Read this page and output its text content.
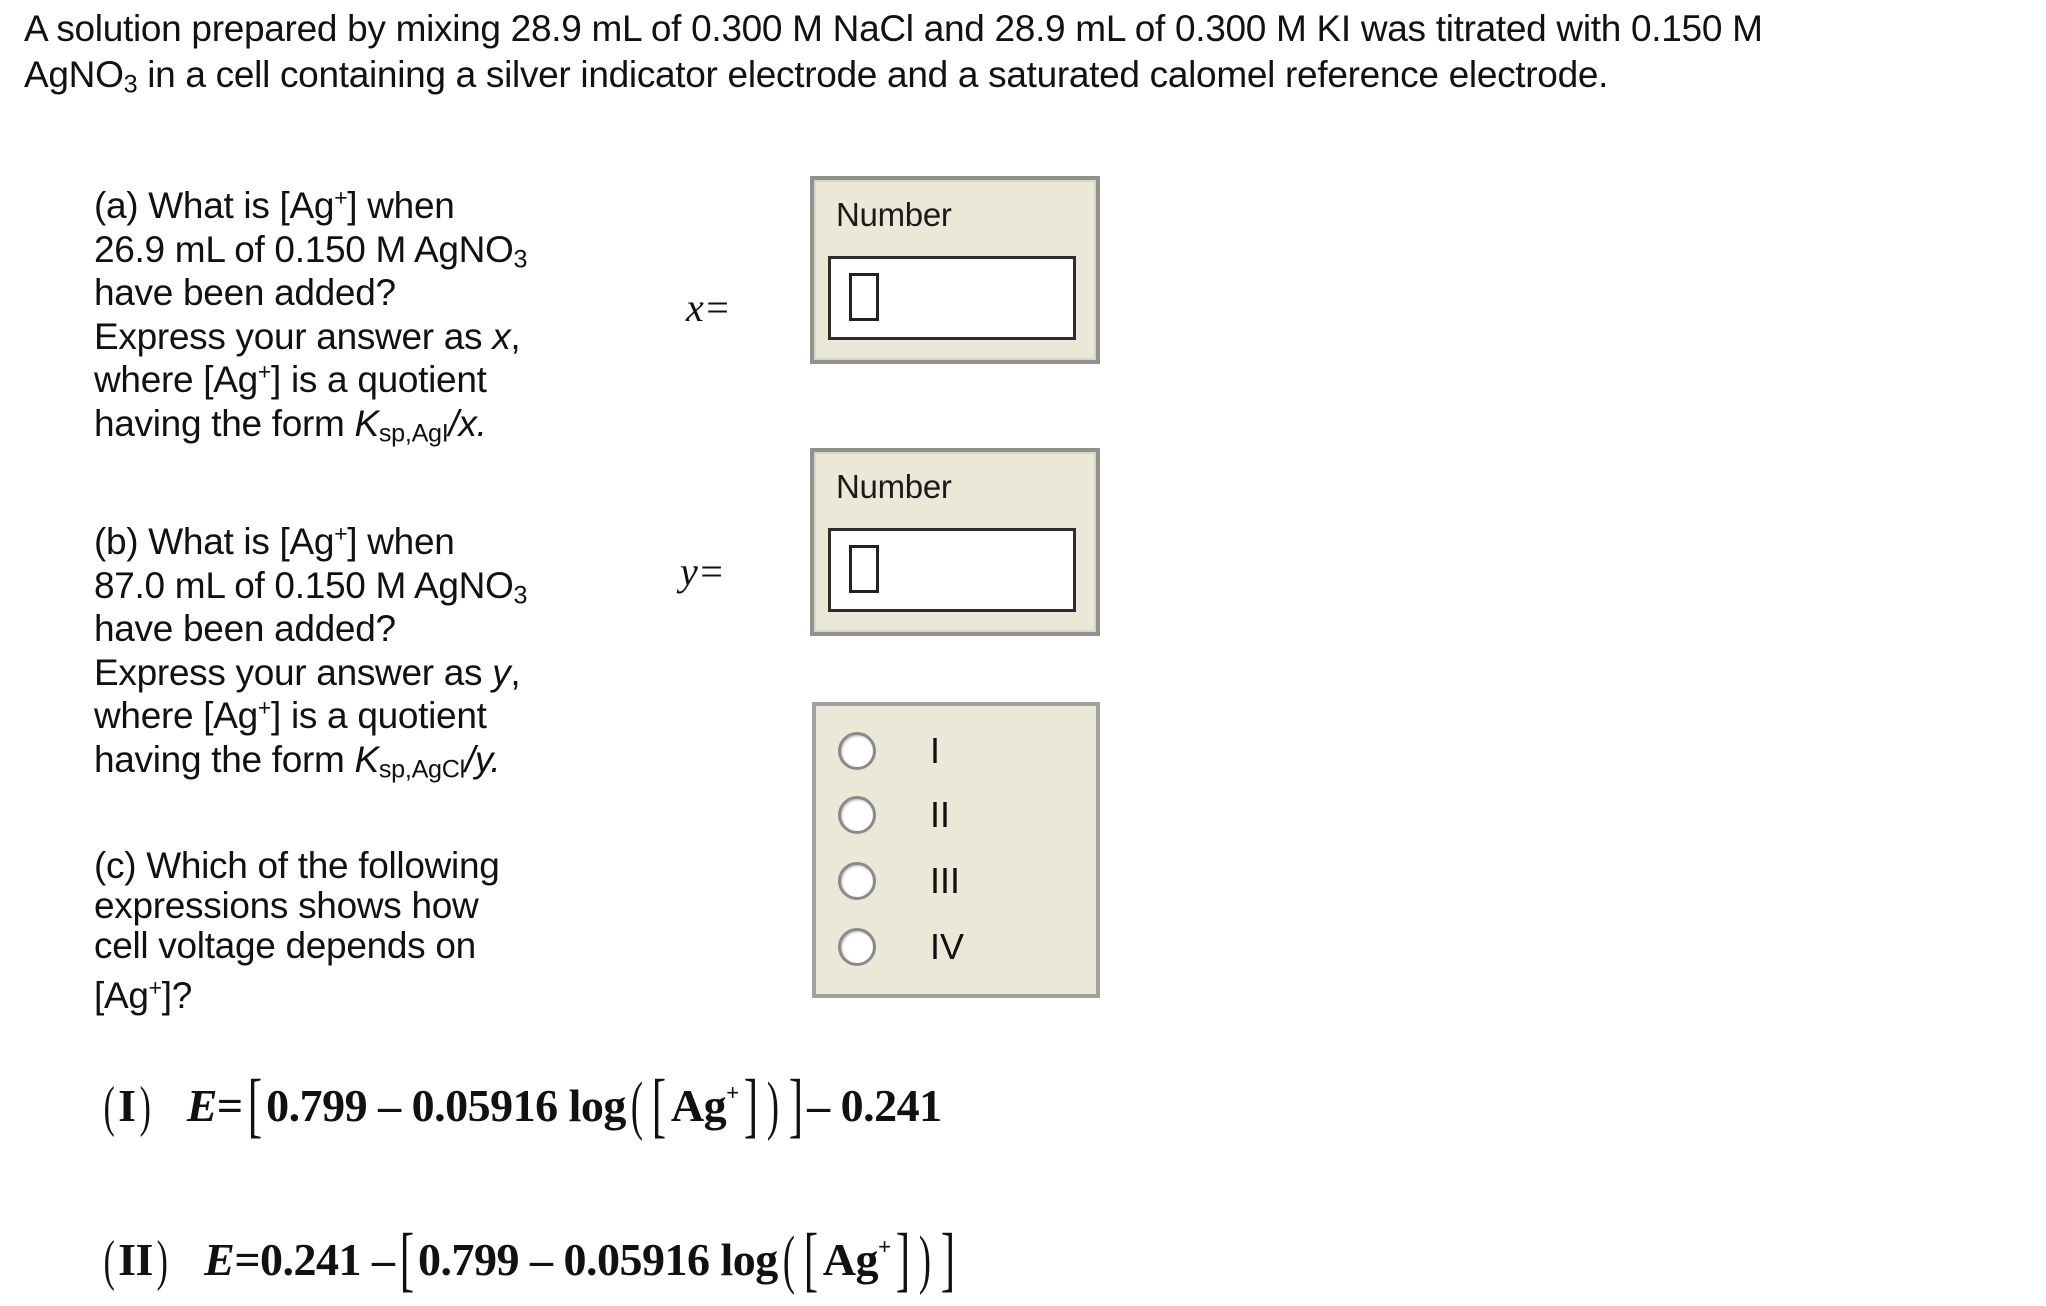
A solution prepared by mixing 28.9 mL of 0.300 M NaCl and 28.9 mL of 0.300 M KI was titrated with 0.150 M
AgNO$_3$ in a cell containing a silver indicator electrode and a saturated calomel reference electrode.
(a) What is [Ag+] when
26.9 mL of 0.150 M AgNO$_3$
have been added?
Express your answer as x,
where [Ag+] is a quotient
having the form $K_{sp,AgI}/x$.
x=
Number
(b) What is [Ag+] when
87.0 mL of 0.150 M AgNO$_3$
have been added?
Express your answer as y,
where [Ag+] is a quotient
having the form $K_{sp,AgCl}/y$.
y=
Number
(c) Which of the following
expressions shows how
cell voltage depends on
[Ag+]?
I
II
III
IV
(I) E=[ 0.799 – 0.05916 log( [ Ag+] ) ] – 0.241
(II) E=0.241 –[ 0.799 – 0.05916 log( [ Ag+] ) ]
